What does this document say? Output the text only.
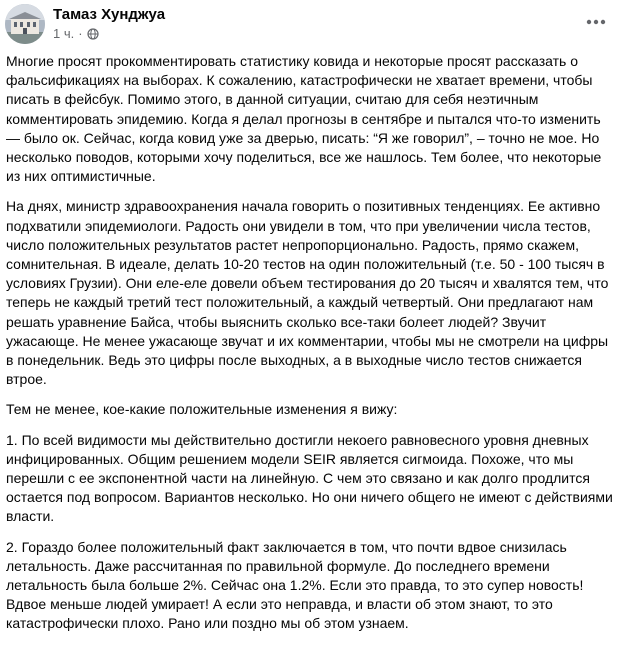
Тамаз Хунджуа
1 ч. ·

Многие просят прокомментировать статистику ковида и некоторые просят рассказать о фальсификациях на выборах. К сожалению, катастрофически не хватает времени, чтобы писать в фейсбук. Помимо этого, в данной ситуации, считаю для себя неэтичным комментировать эпидемию. Когда я делал прогнозы в сентябре и пытался что-то изменить — было ок. Сейчас, когда ковид уже за дверью, писать: “Я же говорил”, – точно не мое. Но несколько поводов, которыми хочу поделиться, все же нашлось. Тем более, что некоторые из них оптимистичные.

На днях, министр здравоохранения начала говорить о позитивных тенденциях. Ее активно подхватили эпидемиологи. Радость они увидели в том, что при увеличении числа тестов, число положительных результатов растет непропорционально. Радость, прямо скажем, сомнительная. В идеале, делать 10-20 тестов на один положительный (т.е. 50 - 100 тысяч в условиях Грузии). Они еле-еле довели объем тестирования до 20 тысяч и хвалятся тем, что теперь не каждый третий тест положительный, а каждый четвертый. Они предлагают нам решать уравнение Байса, чтобы выяснить сколько все-таки болеет людей? Звучит ужасающе. Не менее ужасающе звучат и их комментарии, чтобы мы не смотрели на цифры в понедельник. Ведь это цифры после выходных, а в выходные число тестов снижается втрое.

Тем не менее, кое-какие положительные изменения я вижу:

1. По всей видимости мы действительно достигли некоего равновесного уровня дневных инфицированных. Общим решением модели SEIR является сигмоида. Похоже, что мы перешли с ее экспонентной части на линейную. С чем это связано и как долго продлится остается под вопросом. Вариантов несколько. Но они ничего общего не имеют с действиями власти.

2. Гораздо более положительный факт заключается в том, что почти вдвое снизилась летальность. Даже рассчитанная по правильной формуле. До последнего времени летальность была больше 2%. Сейчас она 1.2%. Если это правда, то это супер новость! Вдвое меньше людей умирает! А если это неправда, и власти об этом знают, то это катастрофически плохо. Рано или поздно мы об этом узнаем.
